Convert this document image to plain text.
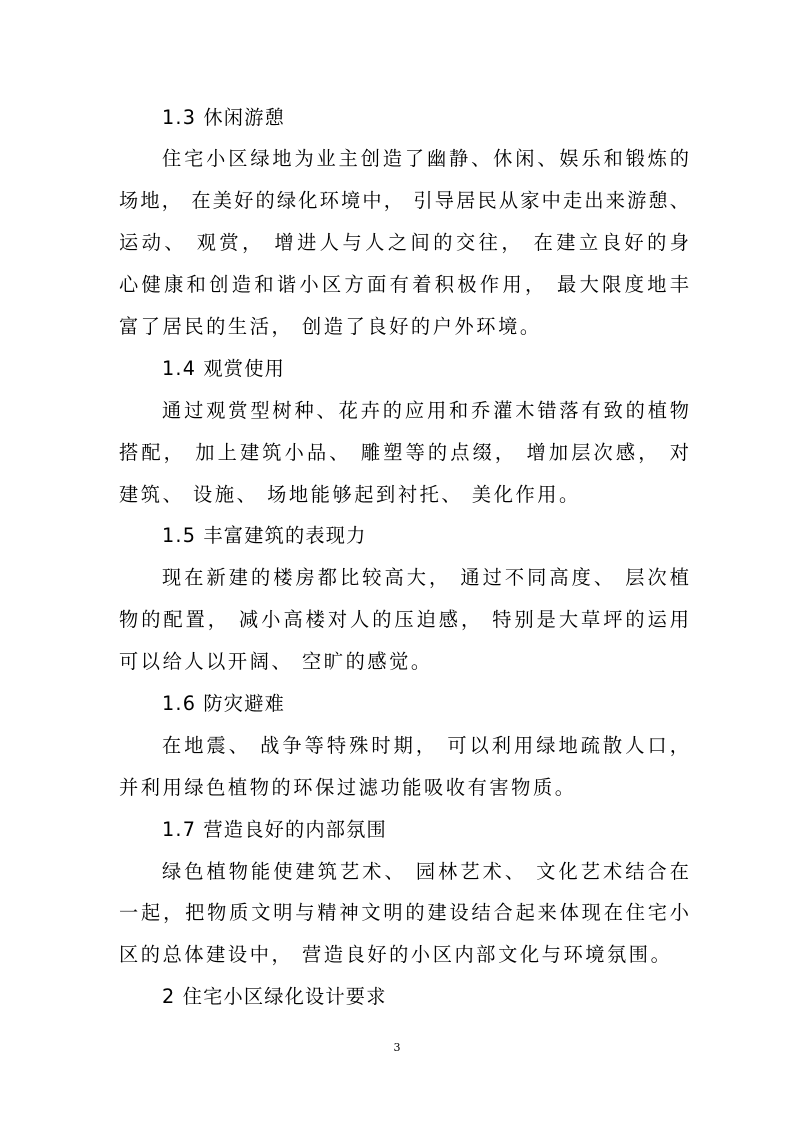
1.3 休闲游憩
住宅小区绿地为业主创造了幽静、休闲、娱乐和锻炼的
场地， 在美好的绿化环境中， 引导居民从家中走出来游憩、
运动、 观赏， 增进人与人之间的交往， 在建立良好的身
心健康和创造和谐小区方面有着积极作用， 最大限度地丰
富了居民的生活， 创造了良好的户外环境。
1.4 观赏使用
通过观赏型树种、花卉的应用和乔灌木错落有致的植物
搭配， 加上建筑小品、 雕塑等的点缀， 增加层次感， 对
建筑、 设施、 场地能够起到衬托、 美化作用。
1.5 丰富建筑的表现力
现在新建的楼房都比较高大， 通过不同高度、 层次植
物的配置， 减小高楼对人的压迫感， 特别是大草坪的运用
可以给人以开阔、 空旷的感觉。
1.6 防灾避难
在地震、 战争等特殊时期， 可以利用绿地疏散人口，
并利用绿色植物的环保过滤功能吸收有害物质。
1.7 营造良好的内部氛围
绿色植物能使建筑艺术、 园林艺术、 文化艺术结合在
一起，把物质文明与精神文明的建设结合起来体现在住宅小
区的总体建设中， 营造良好的小区内部文化与环境氛围。
2 住宅小区绿化设计要求
3
